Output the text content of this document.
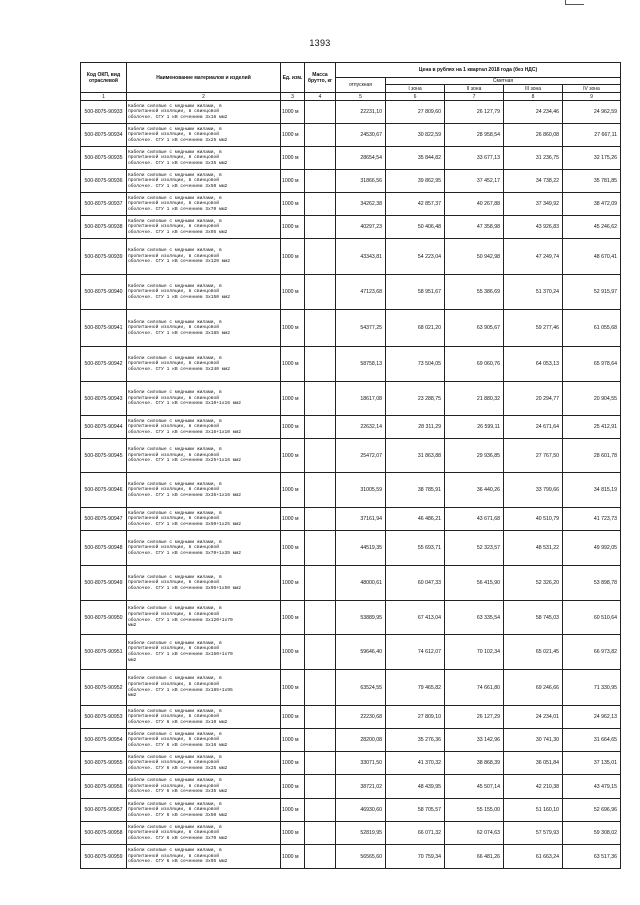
1393
Код ОКП, вид отраслевой	Наименование материалов и изделий	Ед. изм.	Масса брутто, кг	Цена в рублях на 1 квартал 2018 года (без НДС)				
				отпускная	Сметная			
					I зона	II зона	III зона	IV зона
1	2	3	4	5	6	7	8	9
500-8075-90933	Кабели силовые с медными жилами, в
пропитанной изоляции, в свинцовой
оболочке. СГУ 1 кВ сечением 3x16 мм2	1000 м		22231,10	27 809,60	26 127,79	24 234,46	24 962,59
500-8075-90934	Кабели силовые с медными жилами, в
пропитанной изоляции, в свинцовой
оболочке. СГУ 1 кВ сечением 3x25 мм2	1000 м		24530,67	30 822,59	28 958,54	26 860,08	27 667,11
500-8075-90935	Кабели силовые с медными жилами, в
пропитанной изоляции, в свинцовой
оболочке. СГУ 1 кВ сечением 3x35 мм2	1000 м		28654,54	35 844,82	33 677,13	31 236,75	32 175,26
500-8075-90936	Кабели силовые с медными жилами, в
пропитанной изоляции, в свинцовой
оболочке. СГУ 1 кВ сечением 3x50 мм2	1000 м		31866,56	39 862,95	37 452,17	34 738,22	35 781,85
500-8075-90937	Кабели силовые с медными жилами, в
пропитанной изоляции, в свинцовой
оболочке. СГУ 1 кВ сечением 3x70 мм2	1000 м		34262,38	42 857,37	40 267,88	37 349,92	38 472,09
500-8075-90938	Кабели силовые с медными жилами, в
пропитанной изоляции, в свинцовой
оболочке. СГУ 1 кВ сечением 3x95 мм2	1000 м		40297,23	50 406,48	47 358,98	43 926,83	45 246,62
500-8075-90939	Кабели силовые с медными жилами, в
пропитанной изоляции, в свинцовой
оболочке. СГУ 1 кВ сечением 3x120 мм2	1000 м		43343,81	54 223,04	50 942,98	47 249,74	48 670,41
500-8075-90940	Кабели силовые с медными жилами, в
пропитанной изоляции, в свинцовой
оболочке. СГУ 1 кВ сечением 3x150 мм2	1000 м		47123,68	58 951,67	55 386,69	51 370,24	52 915,97
500-8075-90941	Кабели силовые с медными жилами, в
пропитанной изоляции, в свинцовой
оболочке. СГУ 1 кВ сечением 3x185 мм2	1000 м		54377,25	68 021,20	63 905,67	59 277,46	61 055,68
500-8075-90942	Кабели силовые с медными жилами, в
пропитанной изоляции, в свинцовой
оболочке. СГУ 1 кВ сечением 3x240 мм2	1000 м		58758,13	73 504,05	69 060,76	64 053,13	65 978,64
500-8075-90943	Кабели силовые с медными жилами, в
пропитанной изоляции, в свинцовой
оболочке. СГУ 1 кВ сечением 3x10+1x16 мм2	1000 м		18617,08	23 288,75	21 880,32	20 294,77	20 904,55
500-8075-90944	Кабели силовые с медными жилами, в
пропитанной изоляции, в свинцовой
оболочке. СГУ 1 кВ сечением 3x16+1x10 мм2	1000 м		22632,14	28 311,29	26 599,11	24 671,64	25 412,91
500-8075-90945	Кабели силовые с медными жилами, в
пропитанной изоляции, в свинцовой
оболочке. СГУ 1 кВ сечением 3x25+1x16 мм2	1000 м		25472,07	31 863,88	29 936,85	27 767,50	28 601,78
500-8075-90946	Кабели силовые с медными жилами, в
пропитанной изоляции, в свинцовой
оболочке. СГУ 1 кВ сечением 3x35+1x16 мм2	1000 м		31005,59	38 785,91	36 440,26	33 799,66	34 815,19
500-8075-90947	Кабели силовые с медными жилами, в
пропитанной изоляции, в свинцовой
оболочке. СГУ 1 кВ сечением 3x50+1x25 мм2	1000 м		37161,94	46 486,21	43 671,68	40 510,79	41 723,73
500-8075-90948	Кабели силовые с медными жилами, в
пропитанной изоляции, в свинцовой
оболочке. СГУ 1 кВ сечением 3x70+1x35 мм2	1000 м		44519,35	55 693,71	52 323,57	48 531,22	49 992,05
500-8075-90949	Кабели силовые с медными жилами, в
пропитанной изоляции, в свинцовой
оболочке. СГУ 1 кВ сечением 3x95+1x50 мм2	1000 м		48000,61	60 047,33	56 415,90	52 326,20	53 898,78
500-8075-90950	Кабели силовые с медными жилами, в
пропитанной изоляции, в свинцовой
оболочке. СГУ 1 кВ сечением 3x120+1x70
мм2	1000 м		53889,95	67 413,04	63 335,54	58 745,03	60 510,64
500-8075-90951	Кабели силовые с медными жилами, в
пропитанной изоляции, в свинцовой
оболочке. СГУ 1 кВ сечением 3x150+1x70
мм2	1000 м		59646,40	74 612,07	70 102,34	65 021,45	66 973,82
500-8075-90952	Кабели силовые с медными жилами, в
пропитанной изоляции, в свинцовой
оболочке. СГУ 1 кВ сечением 3x185+1x95
мм2	1000 м		63524,55	79 465,82	74 661,80	69 246,66	71 330,95
500-8075-90953	Кабели силовые с медными жилами, в
пропитанной изоляции, в свинцовой
оболочке. СГУ 6 кВ сечением 3x10 мм2	1000 м		22230,68	27 809,10	26 127,29	24 234,01	24 962,13
500-8075-90954	Кабели силовые с медными жилами, в
пропитанной изоляции, в свинцовой
оболочке. СГУ 6 кВ сечением 3x16 мм2	1000 м		28200,08	35 276,36	33 142,96	30 741,30	31 664,65
500-8075-90955	Кабели силовые с медными жилами, в
пропитанной изоляции, в свинцовой
оболочке. СГУ 6 кВ сечением 3x25 мм2	1000 м		33071,50	41 370,32	38 868,39	36 051,84	37 135,01
500-8075-90956	Кабели силовые с медными жилами, в
пропитанной изоляции, в свинцовой
оболочке. СГУ 6 кВ сечением 3x35 мм2	1000 м		38721,02	48 439,95	45 507,14	42 210,38	43 479,15
500-8075-90957	Кабели силовые с медными жилами, в
пропитанной изоляции, в свинцовой
оболочке. СГУ 6 кВ сечением 3x50 мм2	1000 м		46930,60	58 705,57	55 155,00	51 160,10	52 696,96
500-8075-90958	Кабели силовые с медными жилами, в
пропитанной изоляции, в свинцовой
оболочке. СГУ 6 кВ сечением 3x70 мм2	1000 м		52819,95	66 071,32	62 074,63	57 579,93	59 308,02
500-8075-90959	Кабели силовые с медными жилами, в
пропитанной изоляции, в свинцовой
оболочке. СГУ 6 кВ сечением 3x95 мм2	1000 м		56565,60	70 759,34	66 481,26	61 663,24	63 517,36
